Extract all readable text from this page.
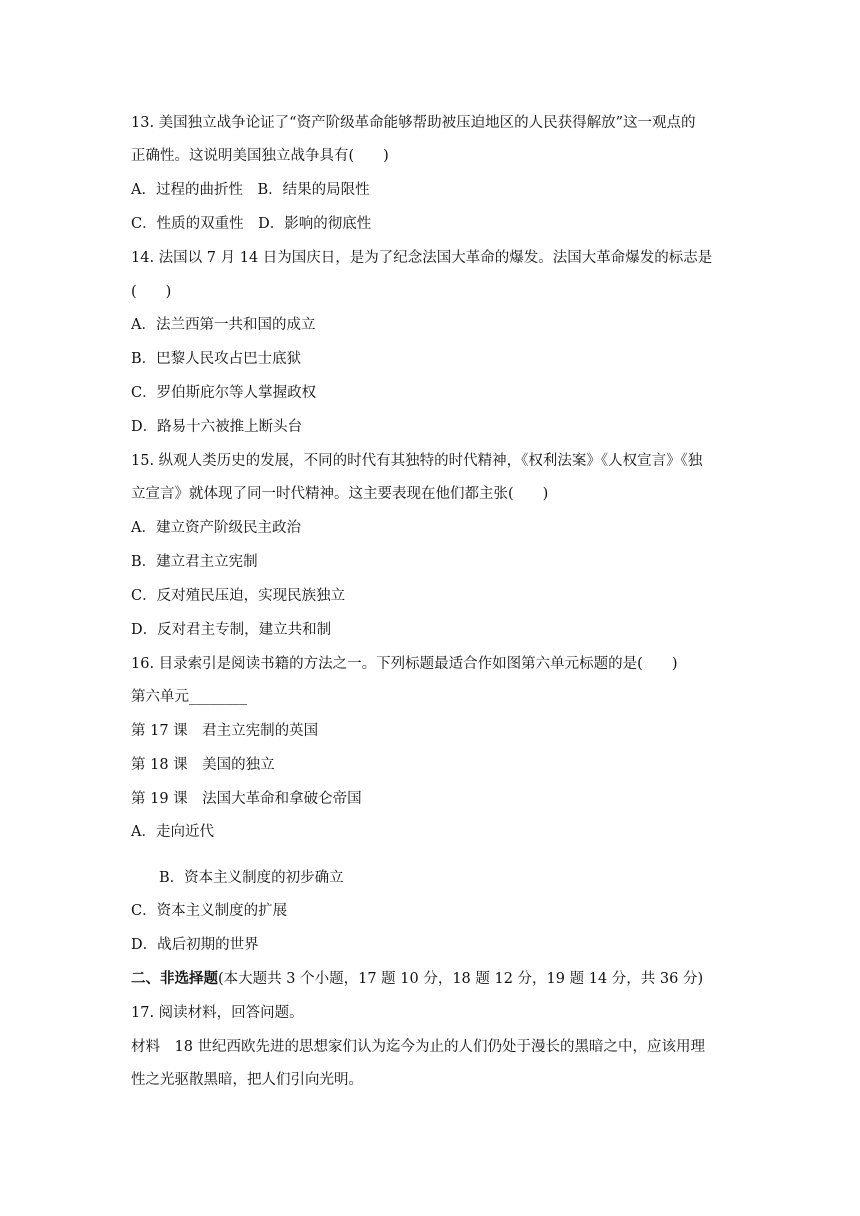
13. 美国独立战争论证了“资产阶级革命能够帮助被压迫地区的人民获得解放”这一观点的
正确性。这说明美国独立战争具有(　　)
A．过程的曲折性　B．结果的局限性
C．性质的双重性　D．影响的彻底性
14. 法国以 7 月 14 日为国庆日，是为了纪念法国大革命的爆发。法国大革命爆发的标志是
(　　)
A．法兰西第一共和国的成立
B．巴黎人民攻占巴士底狱
C．罗伯斯庇尔等人掌握政权
D．路易十六被推上断头台
15. 纵观人类历史的发展，不同的时代有其独特的时代精神，《权利法案》《人权宣言》《独
立宣言》就体现了同一时代精神。这主要表现在他们都主张(　　)
A．建立资产阶级民主政治
B．建立君主立宪制
C．反对殖民压迫，实现民族独立
D．反对君主专制，建立共和制
16. 目录索引是阅读书籍的方法之一。下列标题最适合作如图第六单元标题的是(　　)
第六单元________
第 17 课　君主立宪制的英国
第 18 课　美国的独立
第 19 课　法国大革命和拿破仑帝国
A．走向近代
B．资本主义制度的初步确立
C．资本主义制度的扩展
D．战后初期的世界
二、非选择题(本大题共 3 个小题，17 题 10 分，18 题 12 分，19 题 14 分，共 36 分)
17. 阅读材料，回答问题。
材料　18 世纪西欧先进的思想家们认为迄今为止的人们仍处于漫长的黑暗之中，应该用理
性之光驱散黑暗，把人们引向光明。
